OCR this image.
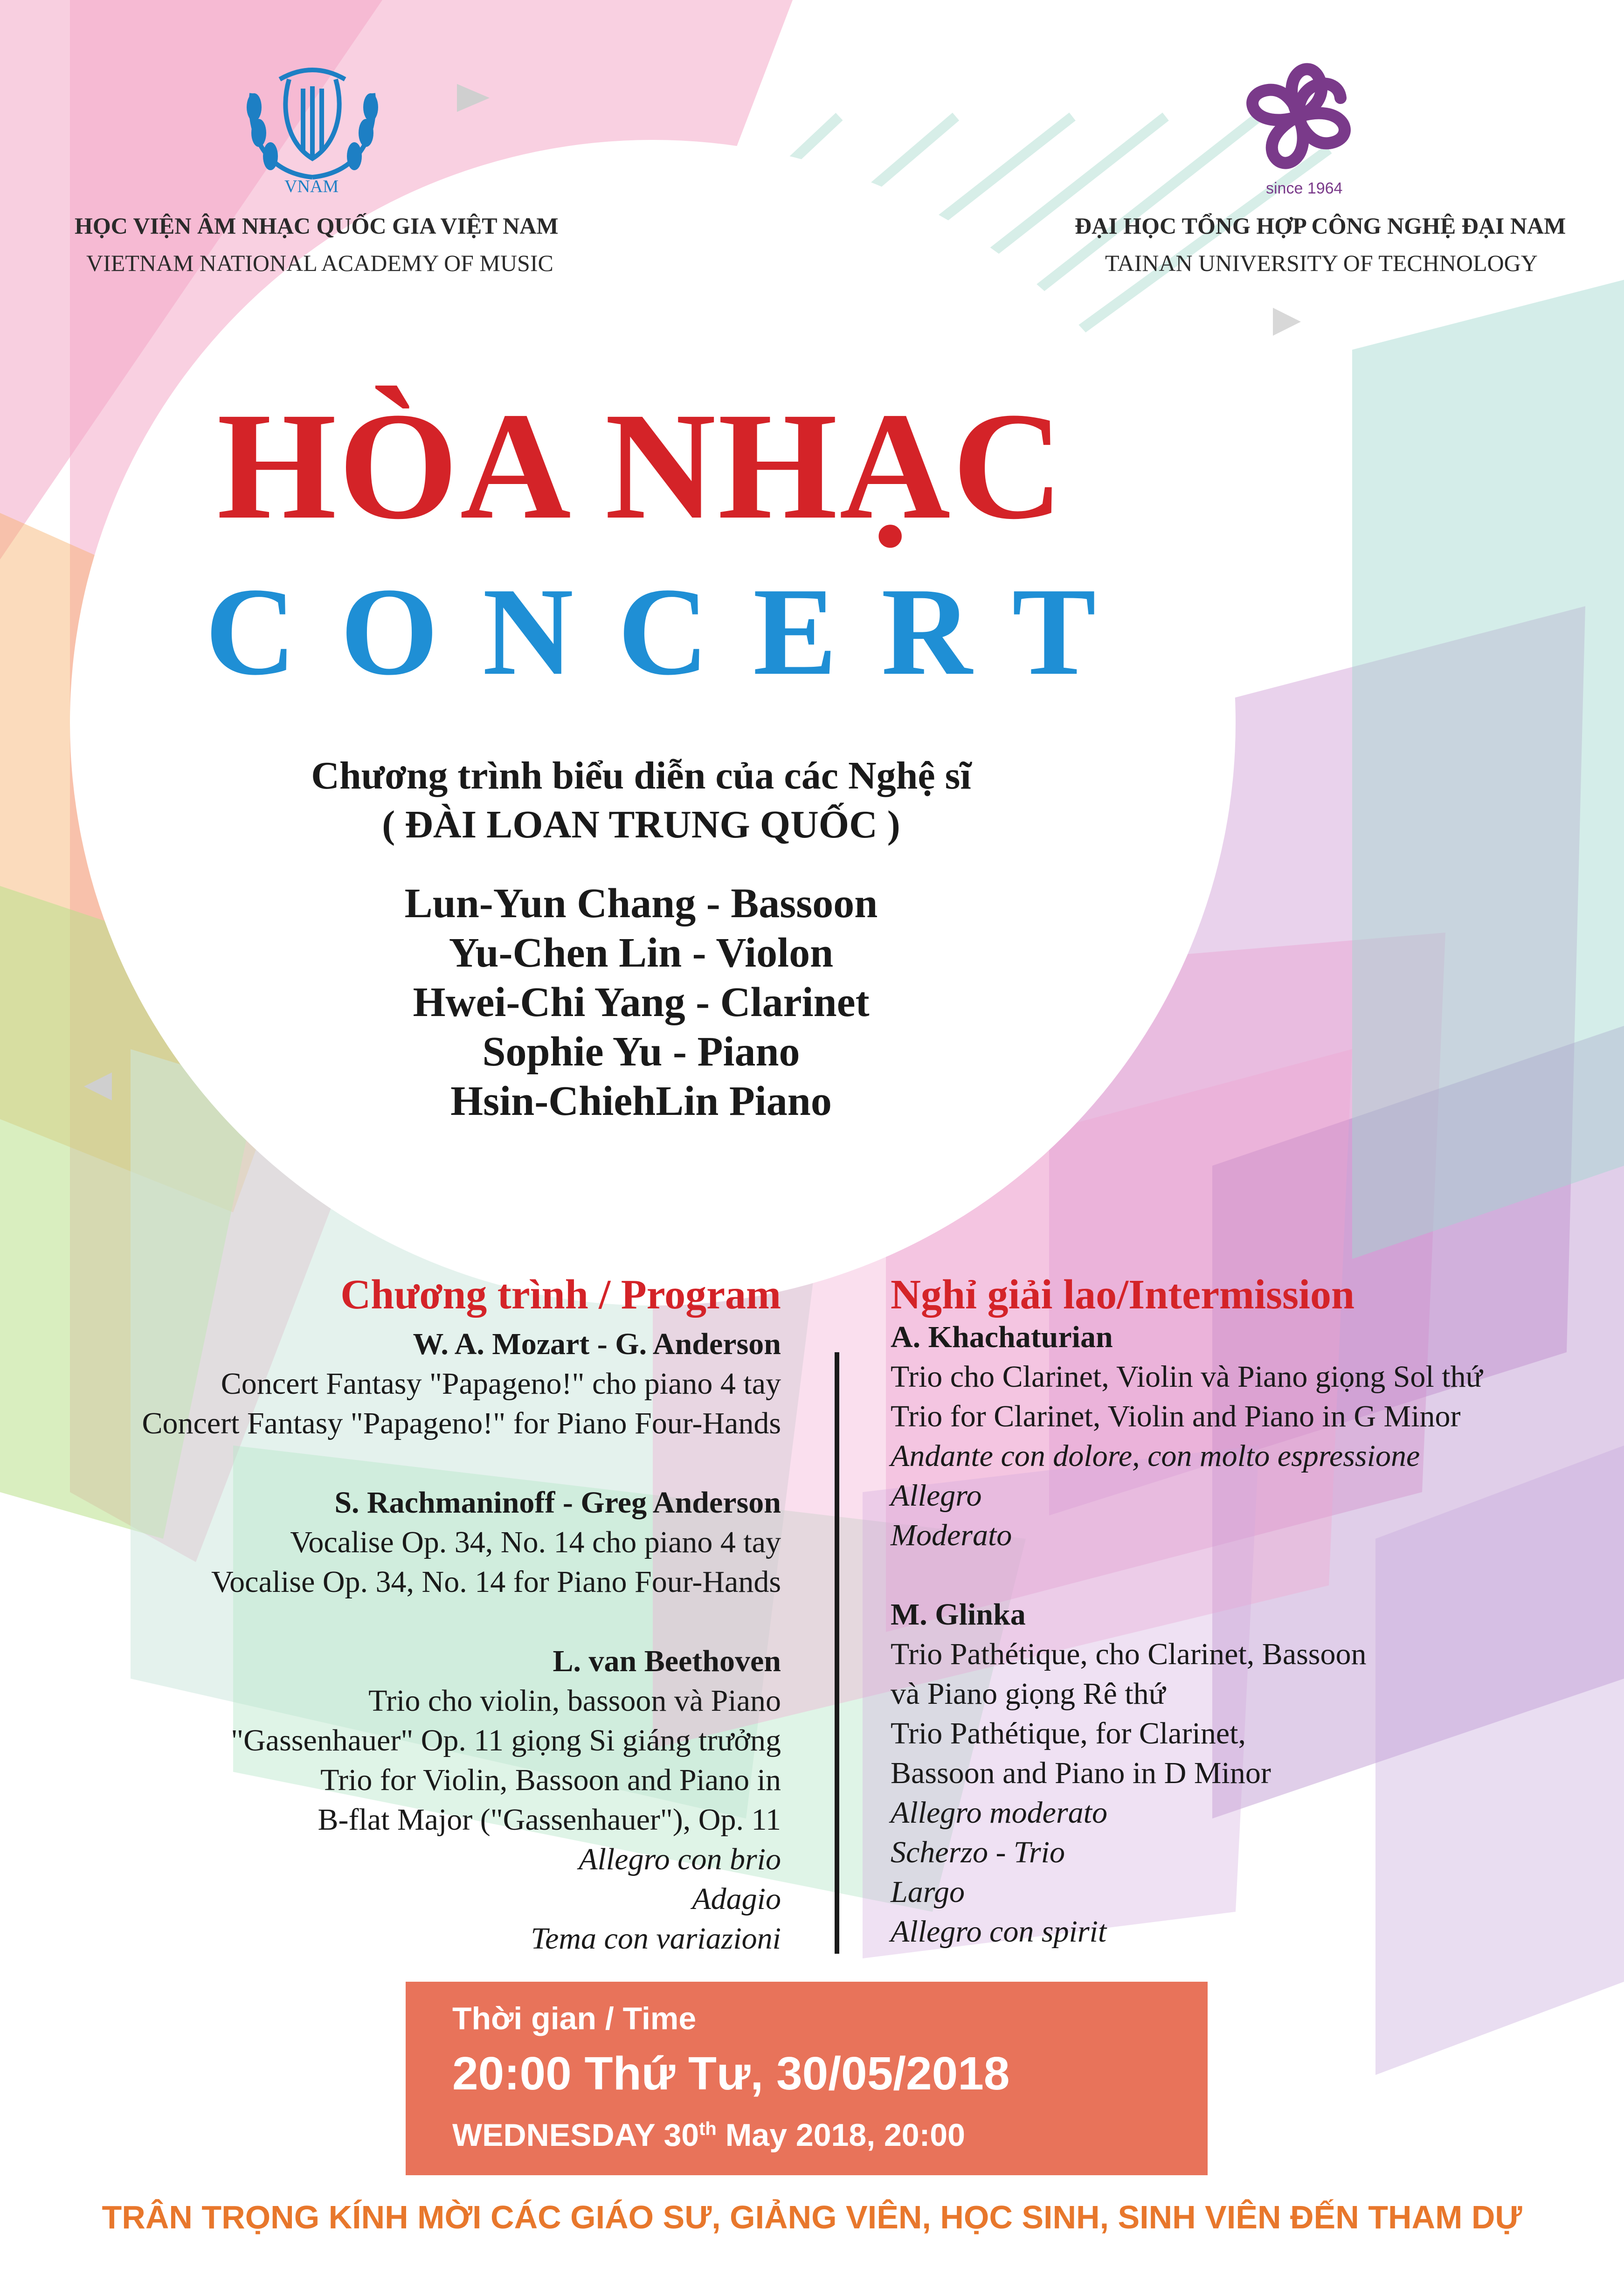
VNAM
HỌC VIỆN ÂM NHẠC QUỐC GIA VIỆT NAM
VIETNAM NATIONAL ACADEMY OF MUSIC
since 1964
ĐẠI HỌC TỔNG HỢP CÔNG NGHỆ ĐẠI NAM
TAINAN UNIVERSITY OF TECHNOLOGY
HÒA NHẠC
CONCERT
Chương trình biểu diễn của các Nghệ sĩ
( ĐÀI LOAN TRUNG QUỐC )
Lun-Yun Chang - Bassoon
Yu-Chen Lin - Violon
Hwei-Chi Yang - Clarinet
Sophie Yu - Piano
Hsin-ChiehLin Piano
Chương trình / Program	Nghỉ giải lao/Intermission
W. A. Mozart - G. Anderson
Concert Fantasy "Papageno!" cho piano 4 tay
Concert Fantasy "Papageno!" for Piano Four-Hands
S. Rachmaninoff - Greg Anderson
Vocalise Op. 34, No. 14 cho piano 4 tay
Vocalise Op. 34, No. 14 for Piano Four-Hands
L. van Beethoven
Trio cho violin, bassoon và Piano
"Gassenhauer" Op. 11 giọng Si giáng trưởng
Trio for Violin, Bassoon and Piano in
B-flat Major ("Gassenhauer"), Op. 11
Allegro con brio
Adagio
Tema con variazioni
A. Khachaturian
Trio cho Clarinet, Violin và Piano giọng Sol thứ
Trio for Clarinet, Violin and Piano in G Minor
Andante con dolore, con molto espressione
Allegro
Moderato
M. Glinka
Trio Pathétique, cho Clarinet, Bassoon
và Piano giọng Rê thứ
Trio Pathétique, for Clarinet,
Bassoon and Piano in D Minor
Allegro moderato
Scherzo - Trio
Largo
Allegro con spirit
Thời gian / Time
20:00 Thứ Tư, 30/05/2018
WEDNESDAY 30th May 2018, 20:00
TRÂN TRỌNG KÍNH MỜI CÁC GIÁO SƯ, GIẢNG VIÊN, HỌC SINH, SINH VIÊN ĐẾN THAM DỰ
